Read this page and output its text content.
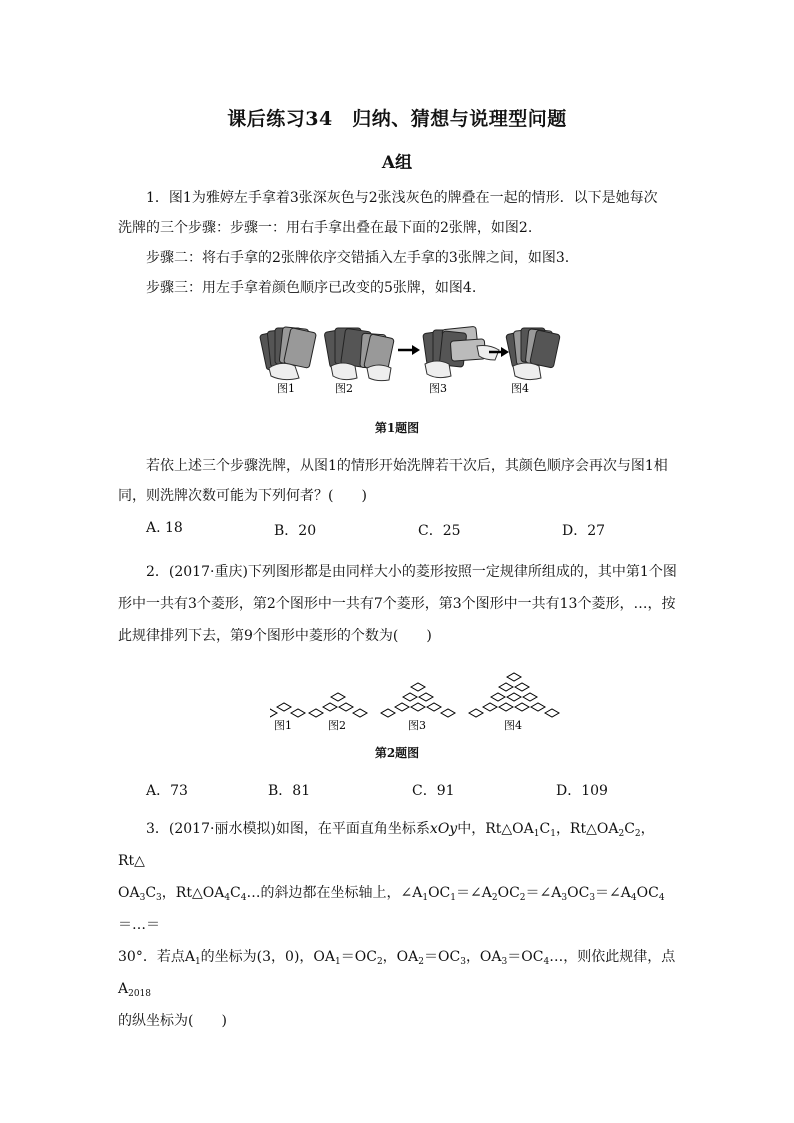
课后练习34　归纳、猜想与说理型问题
A组
1．图1为雅婷左手拿着3张深灰色与2张浅灰色的牌叠在一起的情形．以下是她每次
洗牌的三个步骤：步骤一：用右手拿出叠在最下面的2张牌，如图2.
步骤二：将右手拿的2张牌依序交错插入左手拿的3张牌之间，如图3.
步骤三：用左手拿着颜色顺序已改变的5张牌，如图4.
图1	图2	图3	图4
第1题图
若依上述三个步骤洗牌，从图1的情形开始洗牌若干次后，其颜色顺序会再次与图1相同，则洗牌次数可能为下列何者？(　　)
A. 18	B．20	C．25	D．27
2．(2017·重庆)下列图形都是由同样大小的菱形按照一定规律所组成的，其中第1个图形中一共有3个菱形，第2个图形中一共有7个菱形，第3个图形中一共有13个菱形，…，按此规律排列下去，第9个图形中菱形的个数为(　　)
图1	图2	图3	图4
第2题图
A．73	B．81	C．91	D．109
3．(2017·丽水模拟)如图，在平面直角坐标系xOy中，$Rt\triangle OA_1C_1$，$Rt\triangle OA_2C_2$，Rt△
$OA_3C_3$，$Rt\triangle OA_4C_4\dots$的斜边都在坐标轴上，$\angle A_1OC_1=\angle A_2OC_2=\angle A_3OC_3=\angle A_4OC_4=\dots=$
30°．若点$A_1$的坐标为(3，0)，$OA_1=OC_2$，$OA_2=OC_3$，$OA_3=OC_4\dots$，则依此规律，点$A_{2018}$
的纵坐标为(　　)
